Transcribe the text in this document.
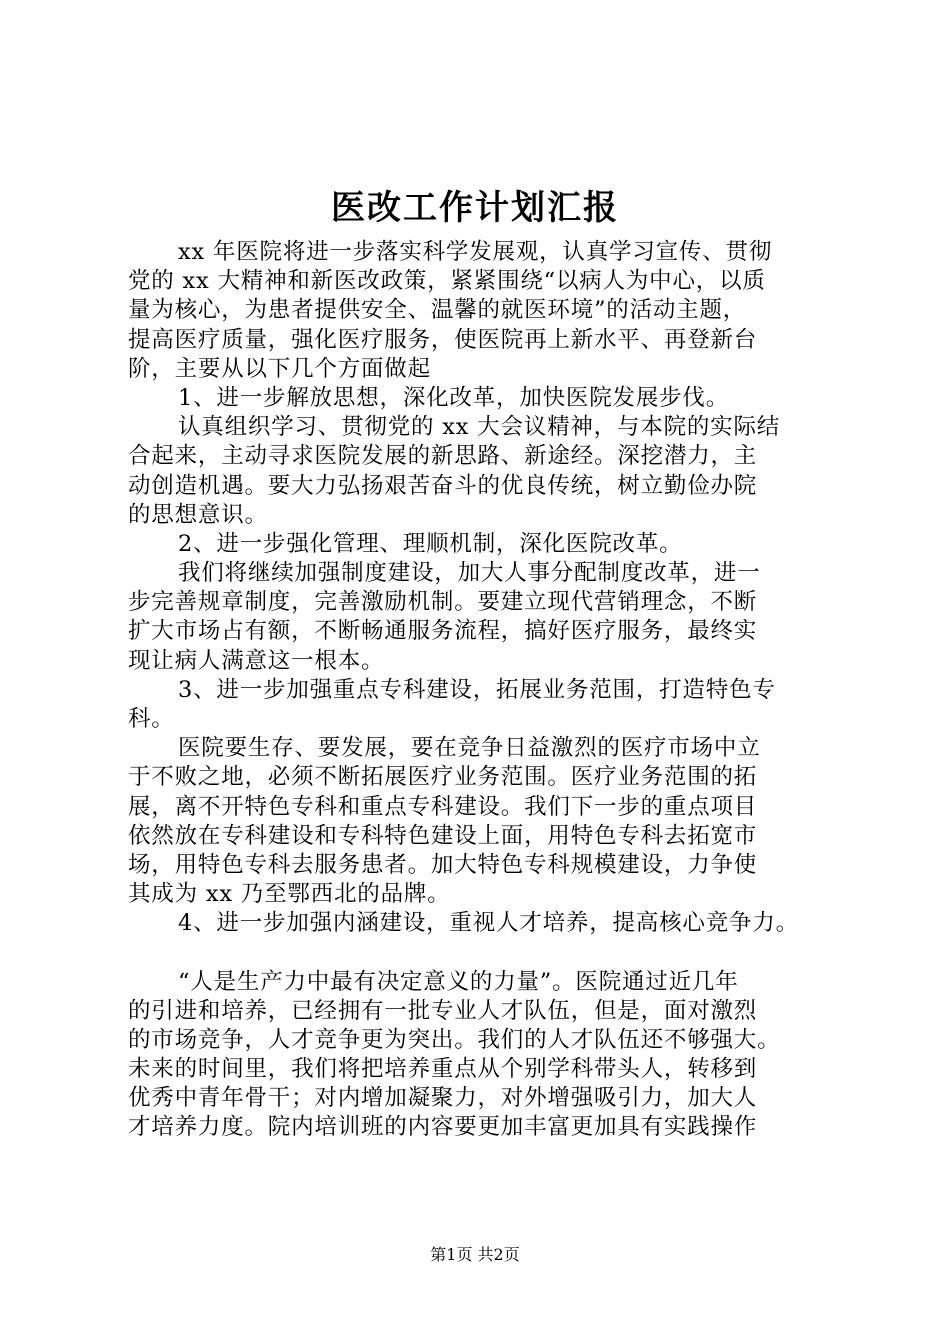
医改工作计划汇报
xx 年医院将进一步落实科学发展观，认真学习宣传、贯彻
党的 xx 大精神和新医改政策，紧紧围绕“以病人为中心，以质
量为核心，为患者提供安全、温馨的就医环境”的活动主题，
提高医疗质量，强化医疗服务，使医院再上新水平、再登新台
阶，主要从以下几个方面做起
1、进一步解放思想，深化改革，加快医院发展步伐。
认真组织学习、贯彻党的 xx 大会议精神，与本院的实际结
合起来，主动寻求医院发展的新思路、新途经。深挖潜力，主
动创造机遇。要大力弘扬艰苦奋斗的优良传统，树立勤俭办院
的思想意识。
2、进一步强化管理、理顺机制，深化医院改革。
我们将继续加强制度建设，加大人事分配制度改革，进一
步完善规章制度，完善激励机制。要建立现代营销理念，不断
扩大市场占有额，不断畅通服务流程，搞好医疗服务，最终实
现让病人满意这一根本。
3、进一步加强重点专科建设，拓展业务范围，打造特色专
科。
医院要生存、要发展，要在竞争日益激烈的医疗市场中立
于不败之地，必须不断拓展医疗业务范围。医疗业务范围的拓
展，离不开特色专科和重点专科建设。我们下一步的重点项目
依然放在专科建设和专科特色建设上面，用特色专科去拓宽市
场，用特色专科去服务患者。加大特色专科规模建设，力争使
其成为 xx 乃至鄂西北的品牌。
4、进一步加强内涵建设，重视人才培养，提高核心竞争力。
“人是生产力中最有决定意义的力量”。医院通过近几年
的引进和培养，已经拥有一批专业人才队伍，但是，面对激烈
的市场竞争，人才竞争更为突出。我们的人才队伍还不够强大。
未来的时间里，我们将把培养重点从个别学科带头人，转移到
优秀中青年骨干；对内增加凝聚力，对外增强吸引力，加大人
才培养力度。院内培训班的内容要更加丰富更加具有实践操作
第1页 共2页
